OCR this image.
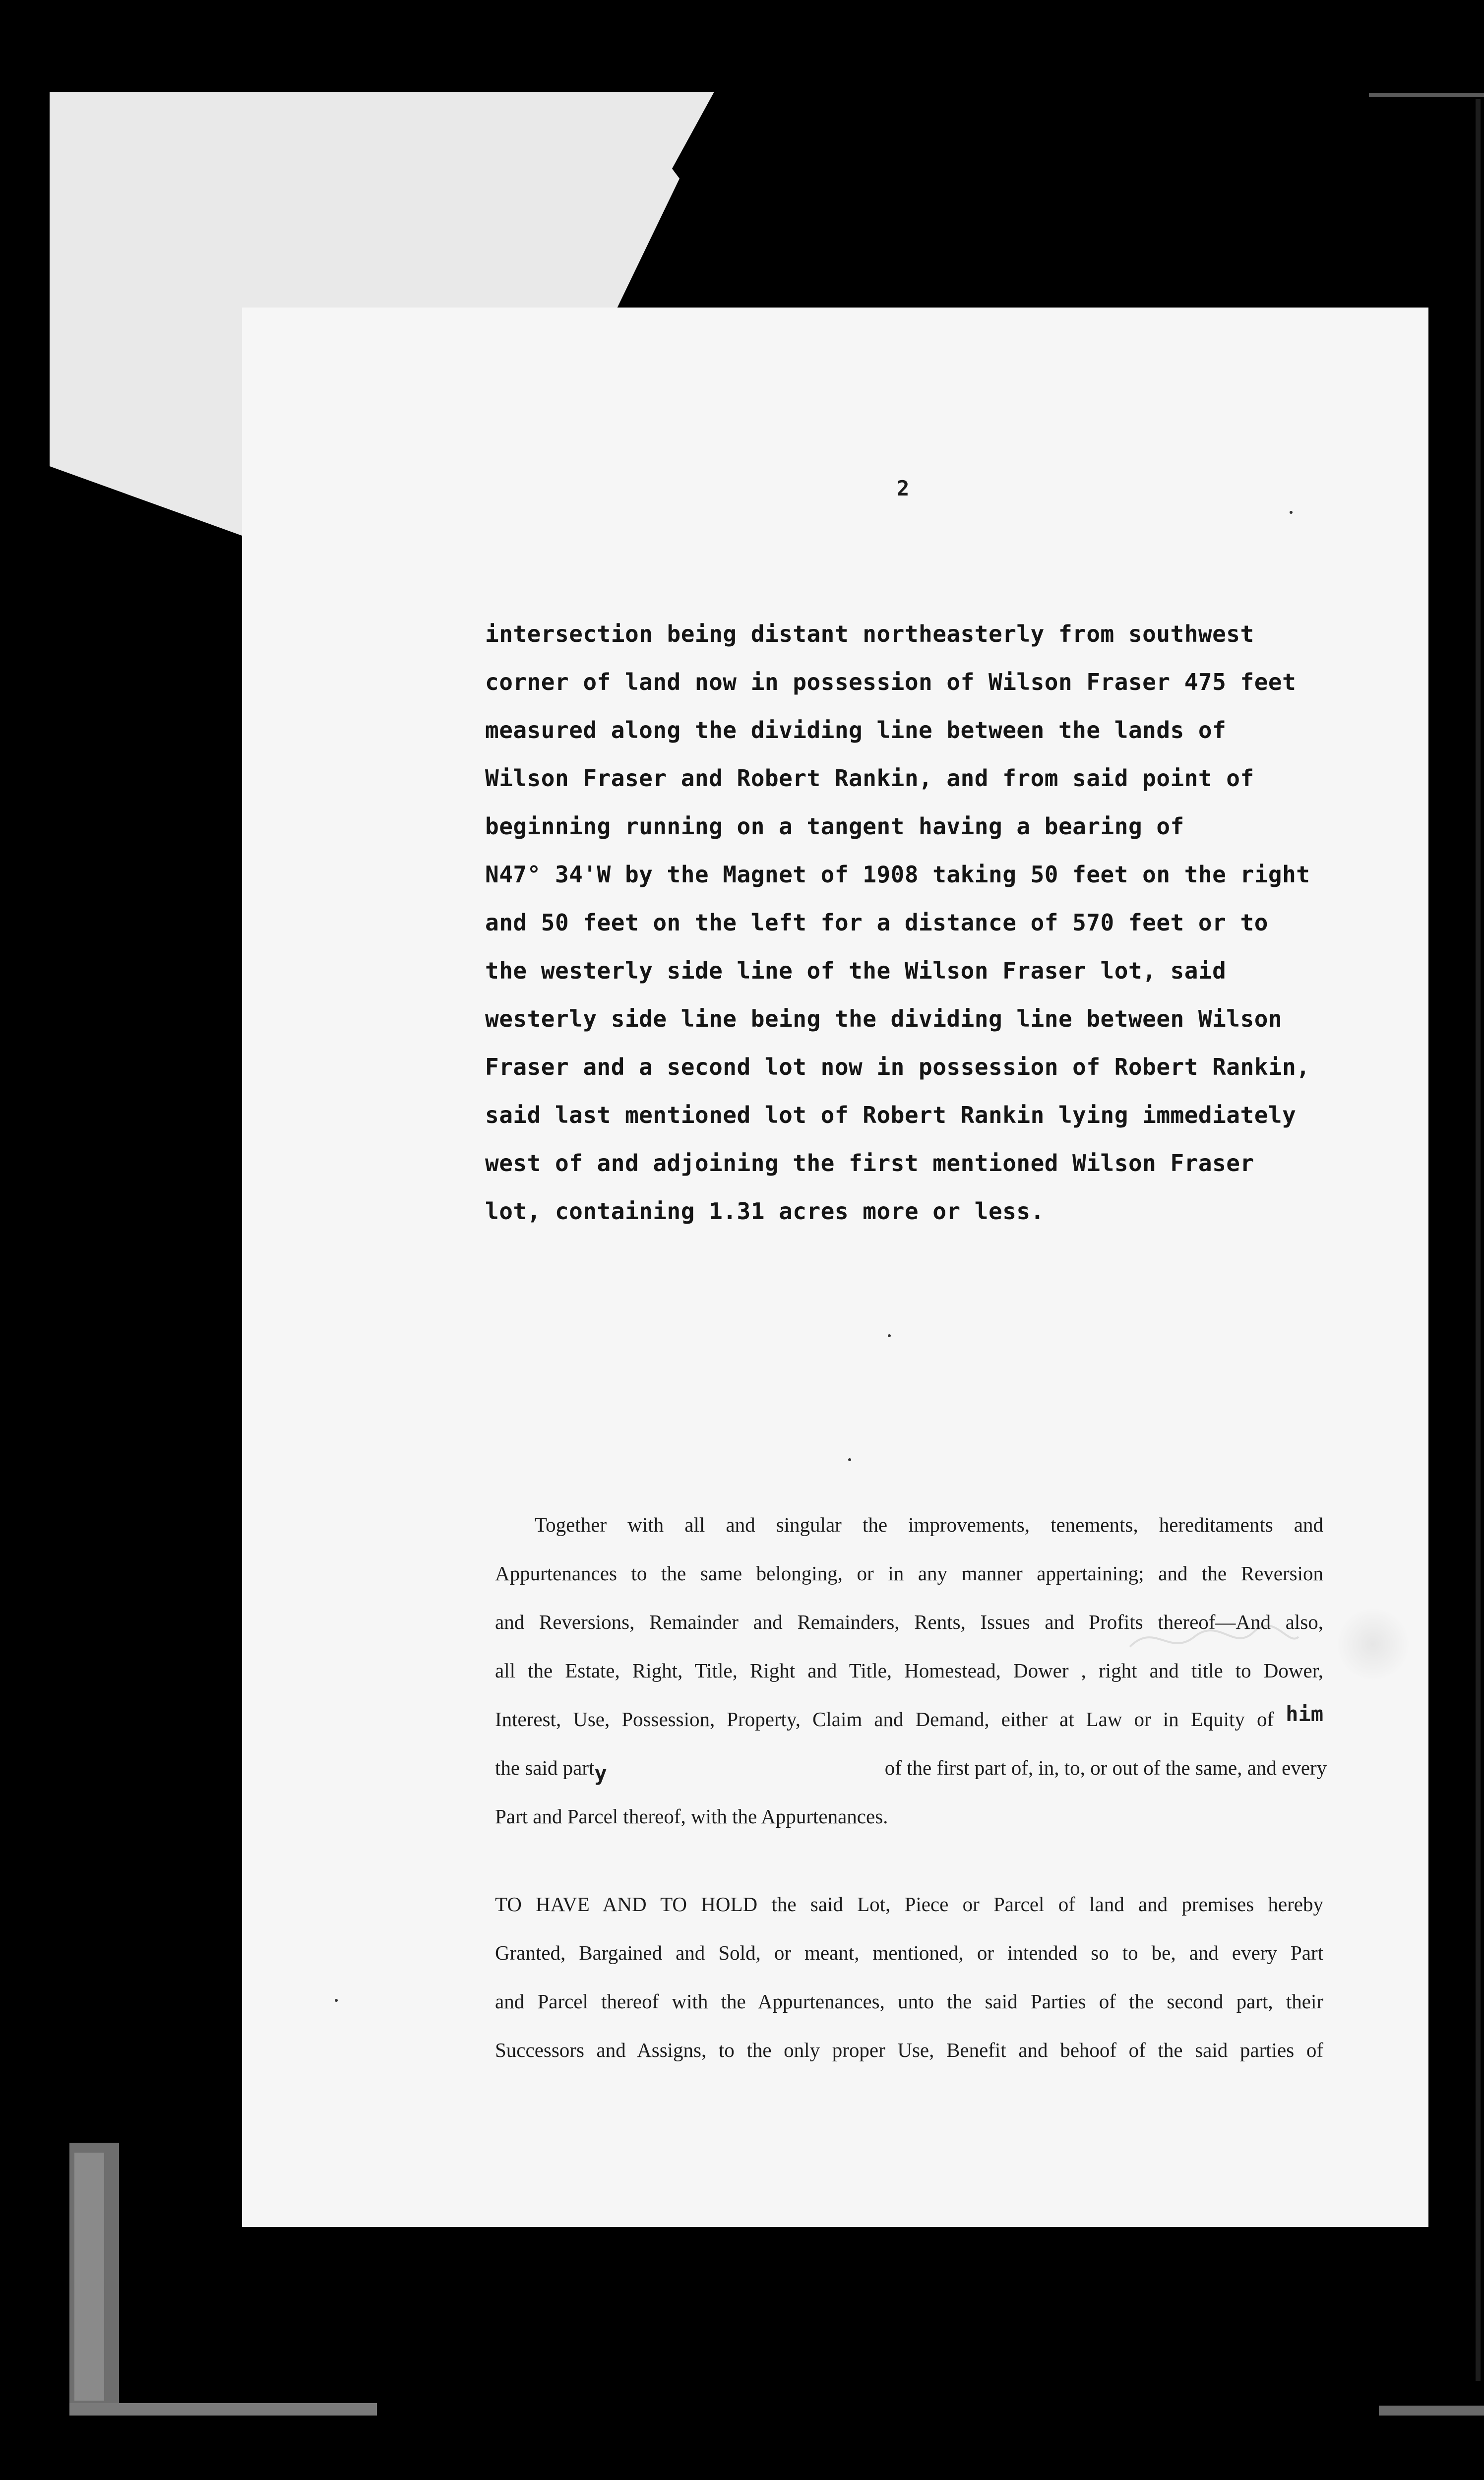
2
intersection being distant northeasterly from southwest
corner of land now in possession of Wilson Fraser 475 feet
measured along the dividing line between the lands of
Wilson Fraser and Robert Rankin, and from said point of
beginning running on a tangent having a bearing of
N47° 34'W by the Magnet of 1908 taking 50 feet on the right
and 50 feet on the left for a distance of 570 feet or to
the westerly side line of the Wilson Fraser lot, said
westerly side line being the dividing line between Wilson
Fraser and a second lot now in possession of Robert Rankin,
said last mentioned lot of Robert Rankin lying immediately
west of and adjoining the first mentioned Wilson Fraser
lot, containing 1.31 acres more or less.
Together with all and singular the improvements, tenements, hereditaments and
Appurtenances to the same belonging, or in any manner appertaining; and the Reversion
and Reversions, Remainder and Remainders, Rents, Issues and Profits thereof—And also,
all the Estate, Right, Title, Right and Title, Homestead, Dower , right and title to Dower,
Interest, Use, Possession, Property, Claim and Demand, either at Law or in Equity of him
the said party	of the first part of, in, to, or out of the same, and every
Part and Parcel thereof, with the Appurtenances.
TO HAVE AND TO HOLD the said Lot, Piece or Parcel of land and premises hereby
Granted, Bargained and Sold, or meant, mentioned, or intended so to be, and every Part
and Parcel thereof with the Appurtenances, unto the said Parties of the second part, their
Successors and Assigns, to the only proper Use, Benefit and behoof of the said parties of
